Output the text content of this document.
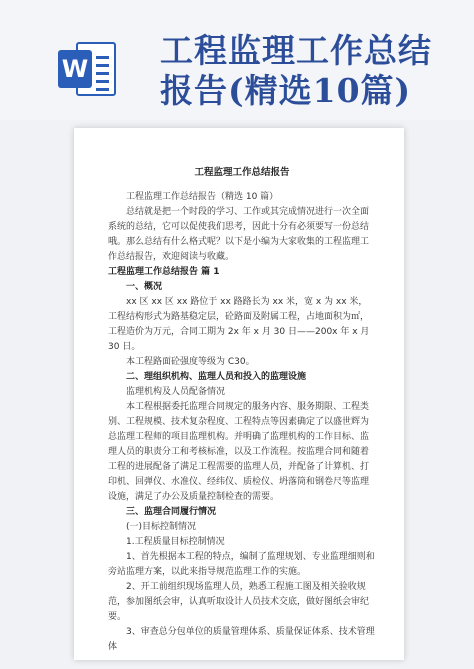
W 工程监理工作总结
报告(精选10篇)
工程监理工作总结报告

工程监理工作总结报告（精选 10 篇）

总结就是把一个时段的学习、工作或其完成情况进行一次全面系统的总结，它可以促使我们思考，因此十分有必须要写一份总结哦。那么总结有什么格式呢？以下是小编为大家收集的工程监理工作总结报告，欢迎阅读与收藏。

工程监理工作总结报告 篇 1

一、概况

xx 区 xx 区 xx 路位于 xx 路路长为 xx 米，宽 x 为 xx 米，工程结构形式为路基稳定层，砼路面及附属工程，占地面积为㎡，工程造价为万元，合同工期为 2x 年 x 月 30 日——200x 年 x 月 30 日。

本工程路面砼强度等级为 C30。

二、理组织机构、监理人员和投入的监理设施

监理机构及人员配备情况

本工程根据委托监理合同规定的服务内容、服务期限、工程类别、工程规模、技术复杂程度、工程特点等因素确定了以盛世辉为总监理工程师的项目监理机构。并明确了监理机构的工作目标、监理人员的职责分工和考核标准，以及工作流程。按监理合同和随着工程的进展配备了满足工程需要的监理人员，并配备了计算机、打印机、回弹仪、水准仪、经纬仪、质检仪、坍落筒和钢卷尺等监理设施，满足了办公及质量控制检查的需要。

三、监理合同履行情况

(一)目标控制情况

1.工程质量目标控制情况

1、首先根据本工程的特点，编制了监理规划、专业监理细则和旁站监理方案，以此来指导规范监理工作的实施。

2、开工前组织现场监理人员，熟悉工程施工图及相关验收规范，参加图纸会审，认真听取设计人员技术交底，做好图纸会审纪要。

3、审查总分包单位的质量管理体系、质量保证体系、技术管理体
